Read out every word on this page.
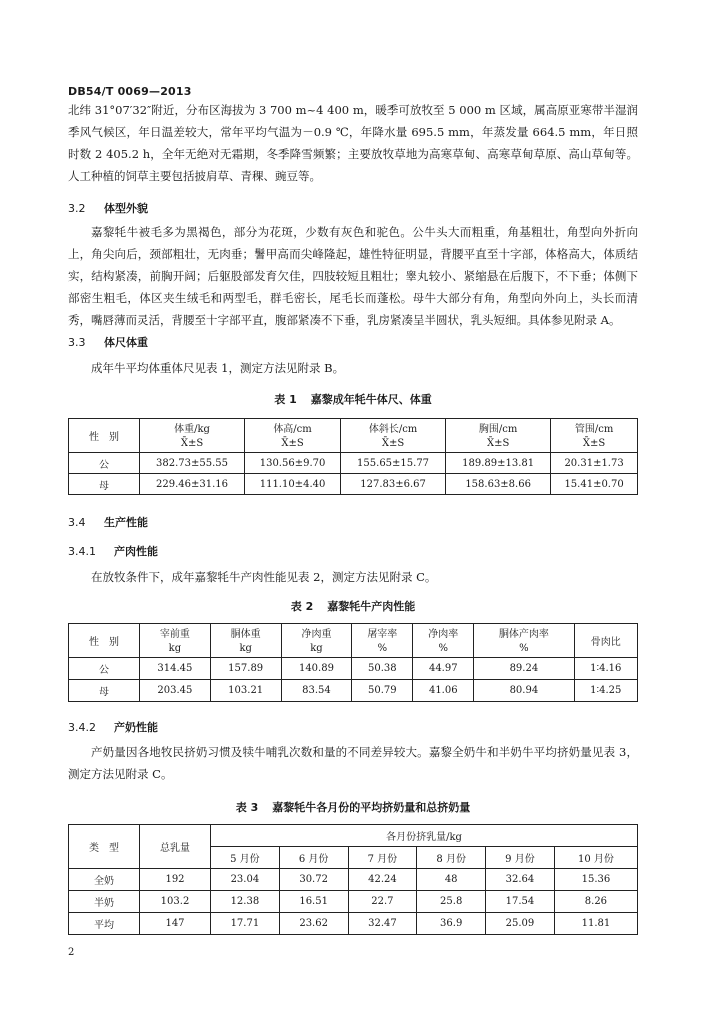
DB54/T 0069—2013

北纬 31°07′32″附近，分布区海拔为 3 700 m~4 400 m，暖季可放牧至 5 000 m 区域，属高原亚寒带半湿润季风气候区，年日温差较大，常年平均气温为－0.9 ℃，年降水量 695.5 mm，年蒸发量 664.5 mm，年日照时数 2 405.2 h，全年无绝对无霜期，冬季降雪频繁；主要放牧草地为高寒草甸、高寒草甸草原、高山草甸等。人工种植的饲草主要包括披肩草、青稞、豌豆等。

3.2 体型外貌

嘉黎牦牛被毛多为黑褐色，部分为花斑，少数有灰色和驼色。公牛头大而粗重，角基粗壮，角型向外折向上，角尖向后，颈部粗壮，无肉垂；鬐甲高而尖峰隆起，雄性特征明显，背腰平直至十字部，体格高大，体质结实，结构紧凑，前胸开阔；后躯股部发育欠佳，四肢较短且粗壮；睾丸较小、紧缩悬在后腹下，不下垂；体侧下部密生粗毛，体区夹生绒毛和两型毛，群毛密长，尾毛长而蓬松。母牛大部分有角，角型向外向上，头长而清秀，嘴唇薄而灵活，背腰至十字部平直，腹部紧凑不下垂，乳房紧凑呈半圆状，乳头短细。具体参见附录 A。

3.3 体尺体重

成年牛平均体重体尺见表 1，测定方法见附录 B。

表 1 嘉黎成年牦牛体尺、体重
性　别	体重/kg	体高/cm	体斜长/cm	胸围/cm	管围/cm
	X̄±S	X̄±S	X̄±S	X̄±S	X̄±S
公	382.73±55.55	130.56±9.70	155.65±15.77	189.89±13.81	20.31±1.73
母	229.46±31.16	111.10±4.40	127.83±6.67	158.63±8.66	15.41±0.70
3.4 生产性能
3.4.1 产肉性能

在放牧条件下，成年嘉黎牦牛产肉性能见表 2，测定方法见附录 C。

表 2 嘉黎牦牛产肉性能
性　别	宰前重	胴体重	净肉重	屠宰率	净肉率	胴体产肉率	骨肉比
	kg	kg	kg	%	%	%	
公	314.45	157.89	140.89	50.38	44.97	89.24	1∶4.16
母	203.45	103.21	83.54	50.79	41.06	80.94	1∶4.25
3.4.2 产奶性能

产奶量因各地牧民挤奶习惯及犊牛哺乳次数和量的不同差异较大。嘉黎全奶牛和半奶牛平均挤奶量见表 3，测定方法见附录 C。

表 3 嘉黎牦牛各月份的平均挤奶量和总挤奶量
类　型	总乳量	各月份挤乳量/kg					
		5 月份	6 月份	7 月份	8 月份	9 月份	10 月份
全奶	192	23.04	30.72	42.24	48	32.64	15.36
半奶	103.2	12.38	16.51	22.7	25.8	17.54	8.26
平均	147	17.71	23.62	32.47	36.9	25.09	11.81
2
